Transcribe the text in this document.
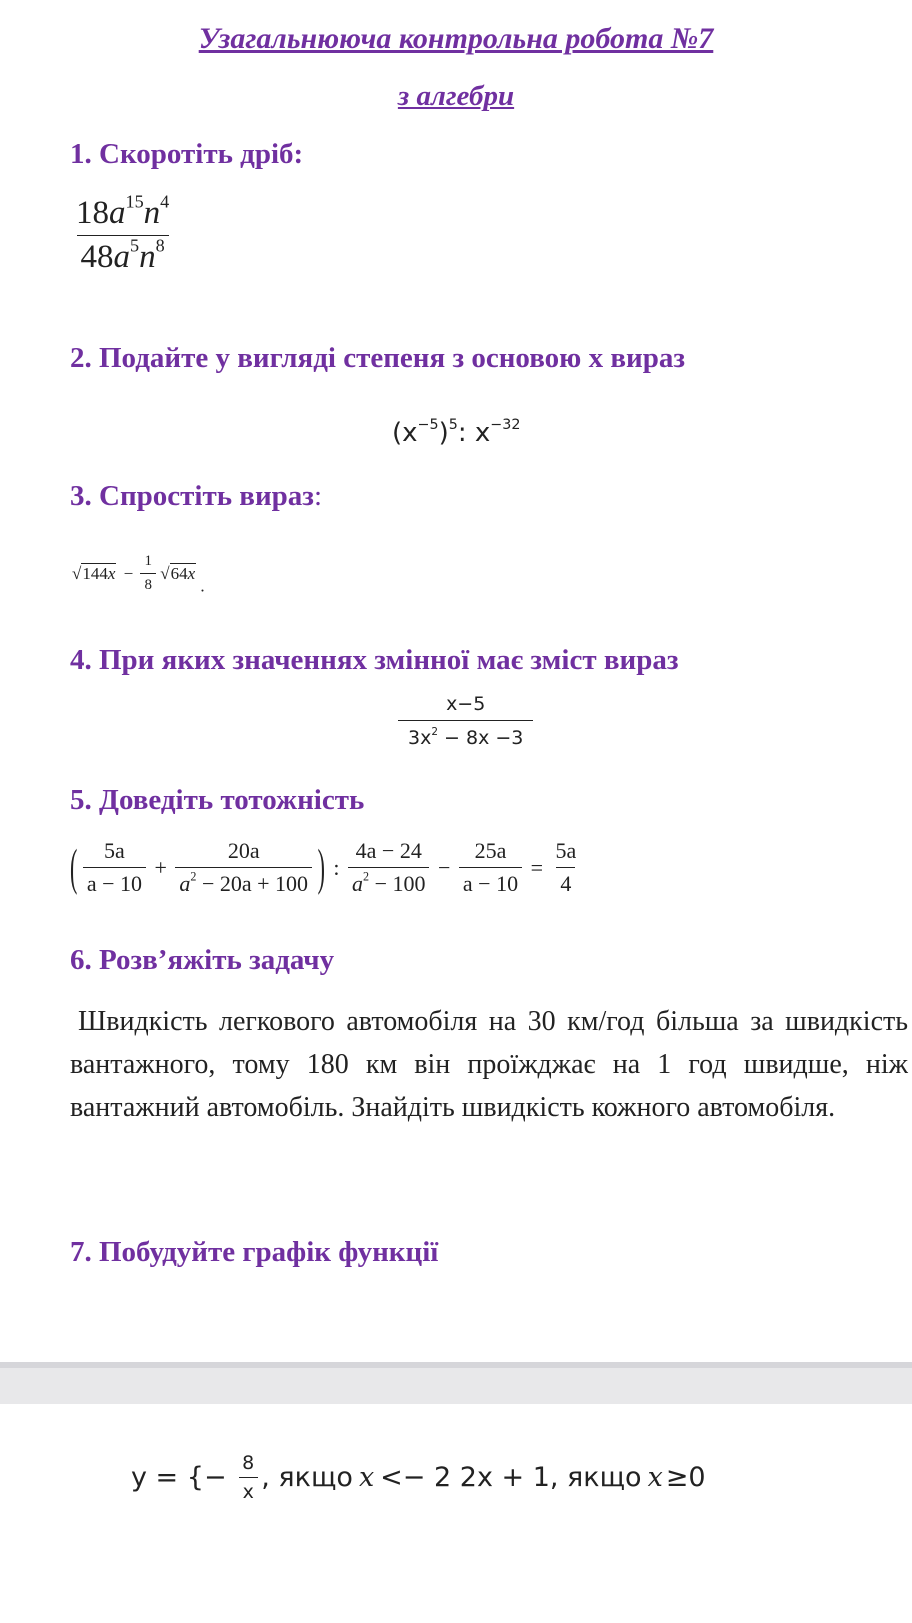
Узагальнююча контрольна робота №7
з алгебри
1. Скоротіть дріб:
$\frac{18a^{15}n^4}{48a^5n^8}$
2. Подайте у вигляді степеня з основою x вираз
$(x^{-5})^5$: $x^{-32}$
3. Спростіть вираз:
√ $144x - \frac{1}{8}$
√ 64x
.
4. При яких значеннях змінної має зміст вираз
$\frac{x-5}{3x^2 - 8x -3}$
5. Доведіть тотожність
( $\frac{5a}{a - 10} + \frac{20a}{a^2 - 20a + 100}$ ) : $\frac{4a - 24}{a^2 - 100} - \frac{25a}{a - 10} = \frac{5a}{4}$
6. Розв’яжіть задачу
Швидкість легкового автомобіля на 30 км/год більша за швидкість вантажного, тому 180 км він проїжджає на 1 год швидше, ніж вантажний автомобіль. Знайдіть швидкість кожного автомобіля.
7. Побудуйте графік функції
y = {− $\frac{8}{x}$ , якщоx<− 2 2x + 1, якщоx ≥0
